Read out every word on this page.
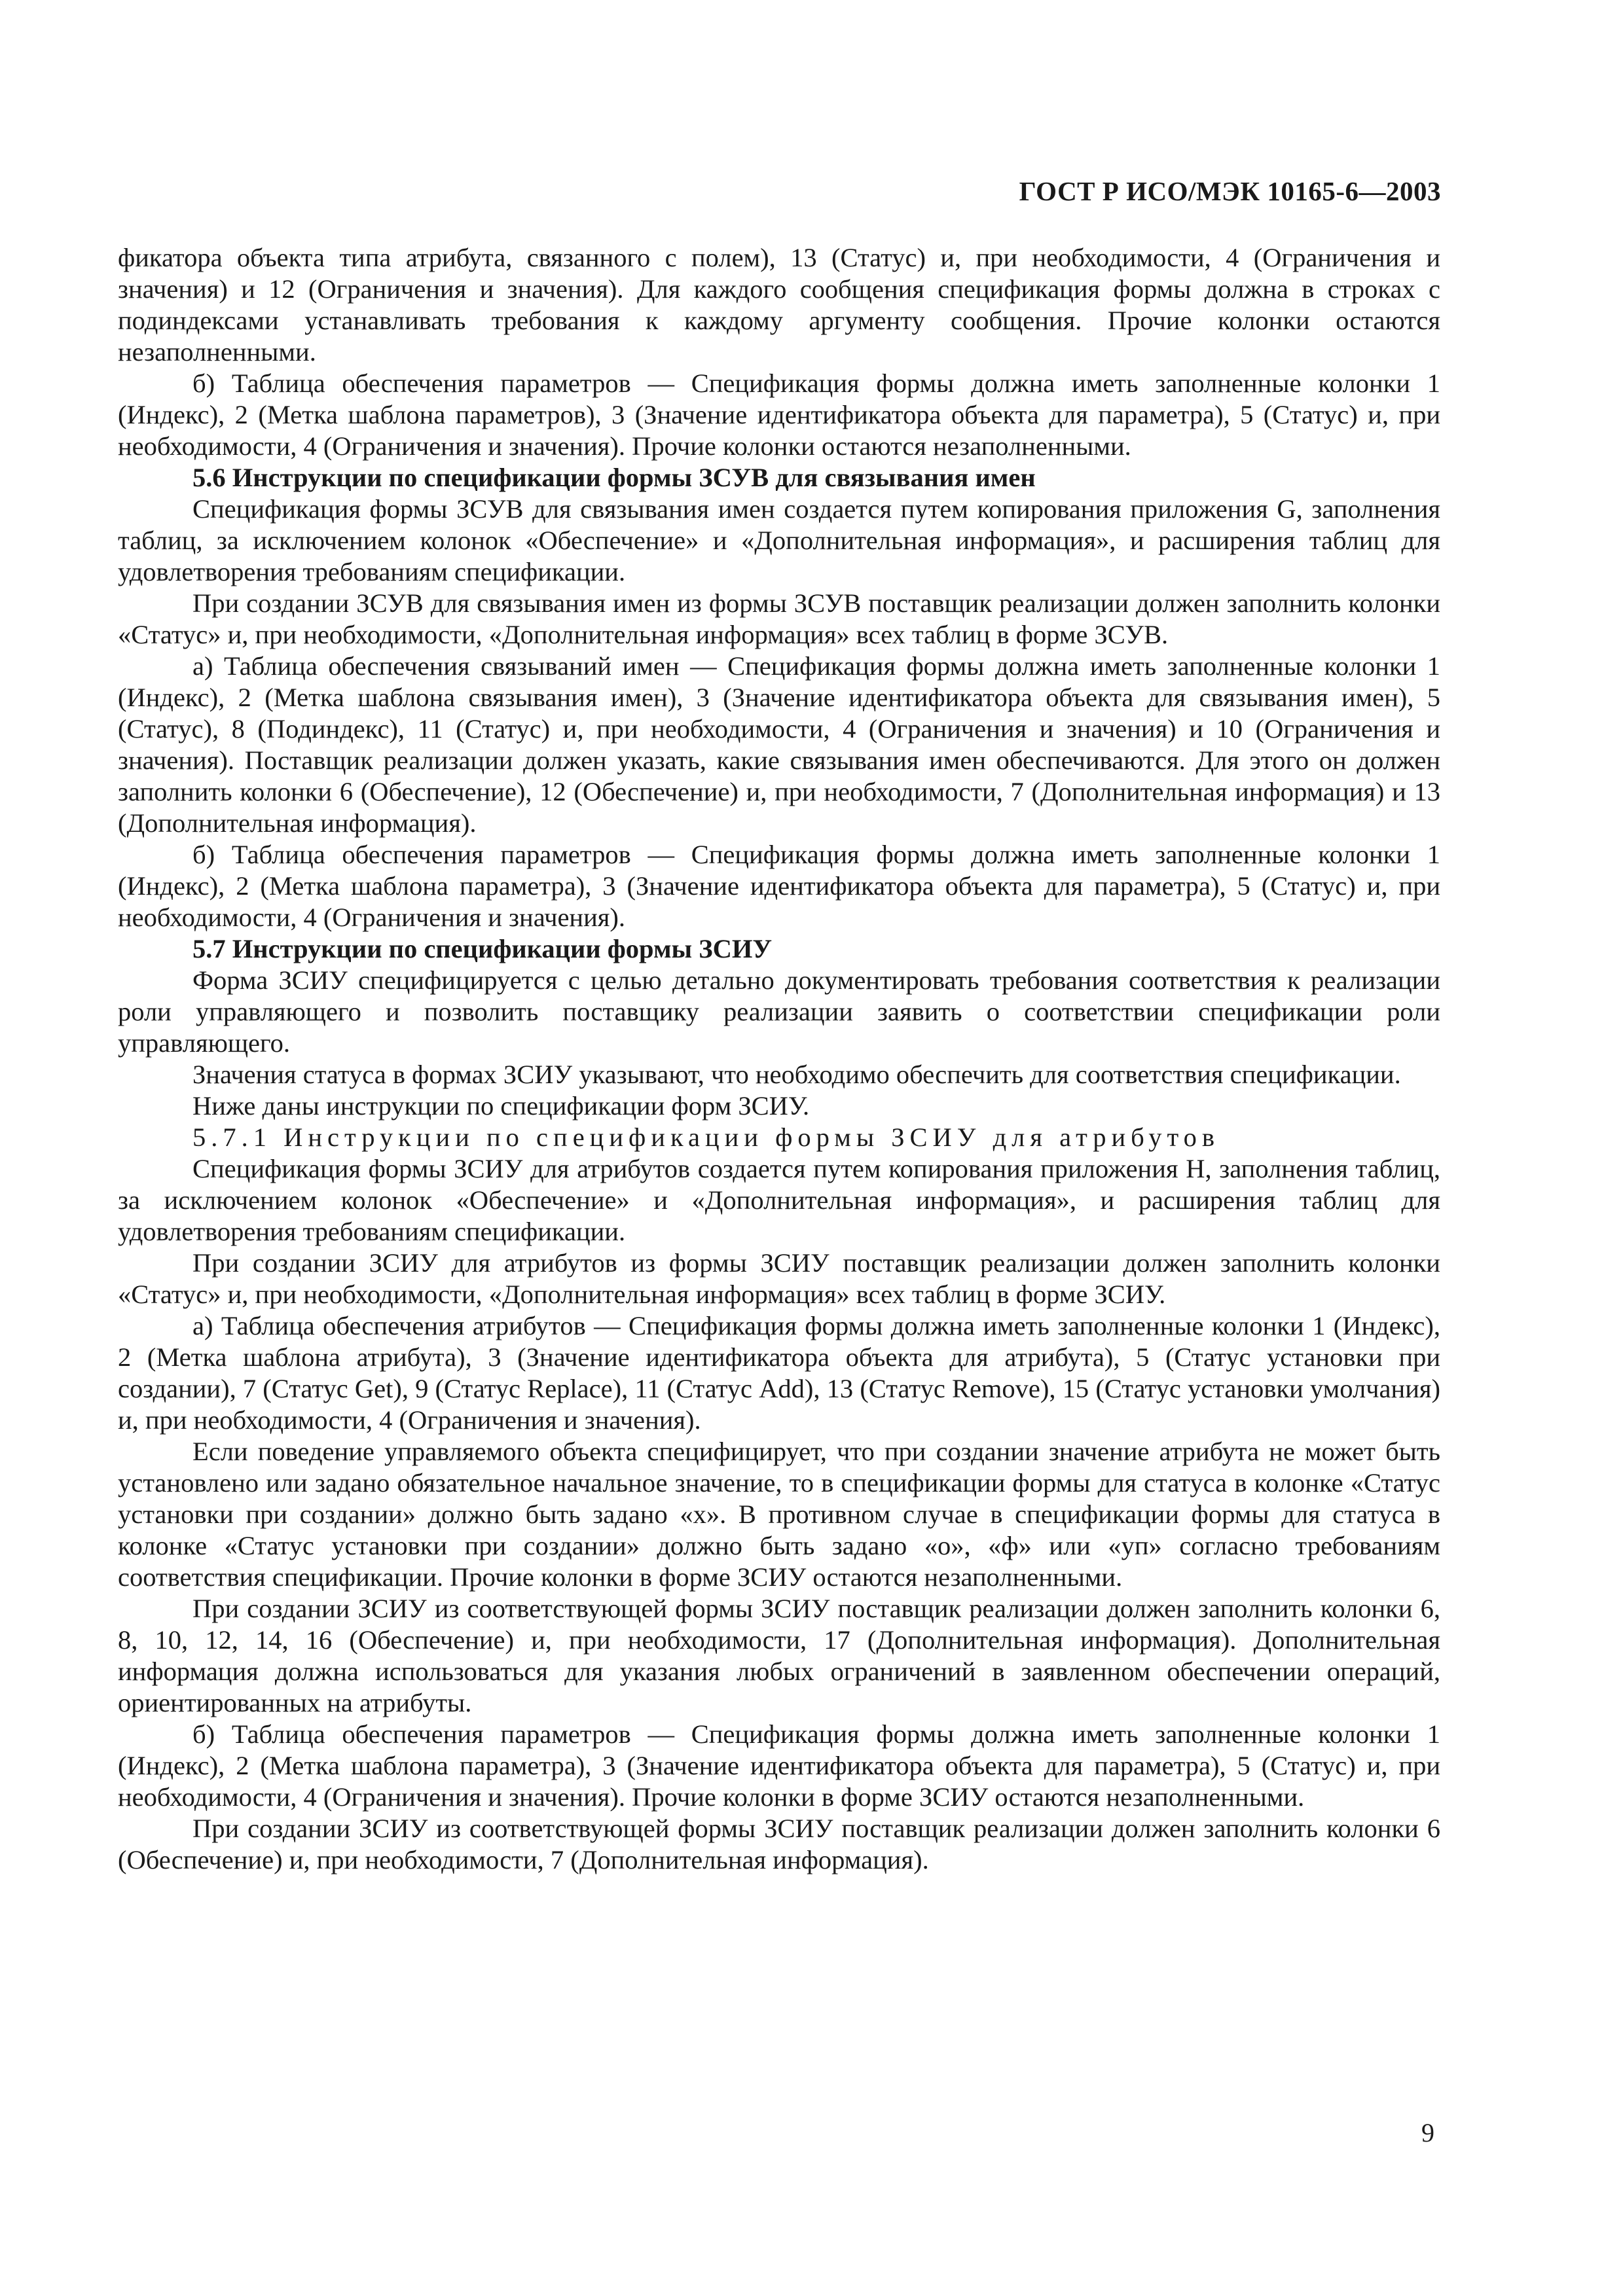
ГОСТ Р ИСО/МЭК 10165-6—2003

фикатора объекта типа атрибута, связанного с полем), 13 (Статус) и, при необходимости, 4 (Ограничения и значения) и 12 (Ограничения и значения). Для каждого сообщения спецификация формы должна в строках с подиндексами устанавливать требования к каждому аргументу сообщения. Прочие колонки остаются незаполненными.

б) Таблица обеспечения параметров — Спецификация формы должна иметь заполненные колонки 1 (Индекс), 2 (Метка шаблона параметров), 3 (Значение идентификатора объекта для параметра), 5 (Статус) и, при необходимости, 4 (Ограничения и значения). Прочие колонки остаются незаполненными.

5.6 Инструкции по спецификации формы ЗСУВ для связывания имен

Спецификация формы ЗСУВ для связывания имен создается путем копирования приложения G, заполнения таблиц, за исключением колонок «Обеспечение» и «Дополнительная информация», и расширения таблиц для удовлетворения требованиям спецификации.

При создании ЗСУВ для связывания имен из формы ЗСУВ поставщик реализации должен заполнить колонки «Статус» и, при необходимости, «Дополнительная информация» всех таблиц в форме ЗСУВ.

а) Таблица обеспечения связываний имен — Спецификация формы должна иметь заполненные колонки 1 (Индекс), 2 (Метка шаблона связывания имен), 3 (Значение идентификатора объекта для связывания имен), 5 (Статус), 8 (Подиндекс), 11 (Статус) и, при необходимости, 4 (Ограничения и значения) и 10 (Ограничения и значения). Поставщик реализации должен указать, какие связывания имен обеспечиваются. Для этого он должен заполнить колонки 6 (Обеспечение), 12 (Обеспечение) и, при необходимости, 7 (Дополнительная информация) и 13 (Дополнительная информация).

б) Таблица обеспечения параметров — Спецификация формы должна иметь заполненные колонки 1 (Индекс), 2 (Метка шаблона параметра), 3 (Значение идентификатора объекта для параметра), 5 (Статус) и, при необходимости, 4 (Ограничения и значения).

5.7 Инструкции по спецификации формы ЗСИУ

Форма ЗСИУ специфицируется с целью детально документировать требования соответствия к реализации роли управляющего и позволить поставщику реализации заявить о соответствии спецификации роли управляющего.

Значения статуса в формах ЗСИУ указывают, что необходимо обеспечить для соответствия спецификации.

Ниже даны инструкции по спецификации форм ЗСИУ.

5.7.1 Инструкции по спецификации формы ЗСИУ для атрибутов

Спецификация формы ЗСИУ для атрибутов создается путем копирования приложения Н, заполнения таблиц, за исключением колонок «Обеспечение» и «Дополнительная информация», и расширения таблиц для удовлетворения требованиям спецификации.

При создании ЗСИУ для атрибутов из формы ЗСИУ поставщик реализации должен заполнить колонки «Статус» и, при необходимости, «Дополнительная информация» всех таблиц в форме ЗСИУ.

а) Таблица обеспечения атрибутов — Спецификация формы должна иметь заполненные колонки 1 (Индекс), 2 (Метка шаблона атрибута), 3 (Значение идентификатора объекта для атрибута), 5 (Статус установки при создании), 7 (Статус Get), 9 (Статус Replace), 11 (Статус Add), 13 (Статус Remove), 15 (Статус установки умолчания) и, при необходимости, 4 (Ограничения и значения).

Если поведение управляемого объекта специфицирует, что при создании значение атрибута не может быть установлено или задано обязательное начальное значение, то в спецификации формы для статуса в колонке «Статус установки при создании» должно быть задано «х». В противном случае в спецификации формы для статуса в колонке «Статус установки при создании» должно быть задано «о», «ф» или «уп» согласно требованиям соответствия спецификации. Прочие колонки в форме ЗСИУ остаются незаполненными.

При создании ЗСИУ из соответствующей формы ЗСИУ поставщик реализации должен заполнить колонки 6, 8, 10, 12, 14, 16 (Обеспечение) и, при необходимости, 17 (Дополнительная информация). Дополнительная информация должна использоваться для указания любых ограничений в заявленном обеспечении операций, ориентированных на атрибуты.

б) Таблица обеспечения параметров — Спецификация формы должна иметь заполненные колонки 1 (Индекс), 2 (Метка шаблона параметра), 3 (Значение идентификатора объекта для параметра), 5 (Статус) и, при необходимости, 4 (Ограничения и значения). Прочие колонки в форме ЗСИУ остаются незаполненными.

При создании ЗСИУ из соответствующей формы ЗСИУ поставщик реализации должен заполнить колонки 6 (Обеспечение) и, при необходимости, 7 (Дополнительная информация).

9
